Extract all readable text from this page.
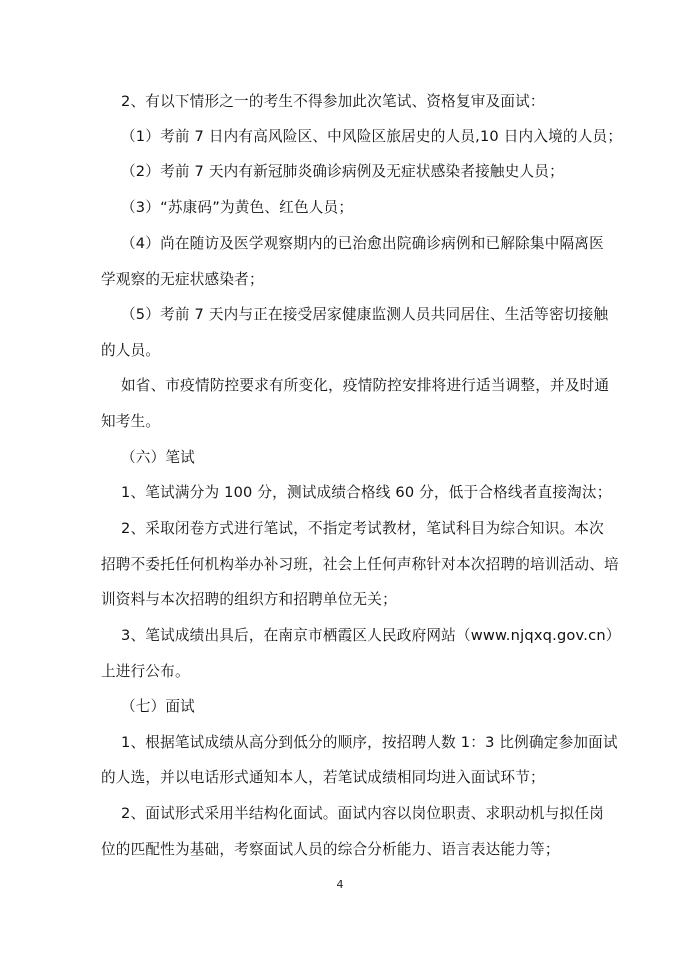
2、有以下情形之一的考生不得参加此次笔试、资格复审及面试：
（1）考前 7 日内有高风险区、中风险区旅居史的人员,10 日内入境的人员；
（2）考前 7 天内有新冠肺炎确诊病例及无症状感染者接触史人员；
（3）“苏康码”为黄色、红色人员；
（4）尚在随访及医学观察期内的已治愈出院确诊病例和已解除集中隔离医
学观察的无症状感染者；
（5）考前 7 天内与正在接受居家健康监测人员共同居住、生活等密切接触
的人员。
如省、市疫情防控要求有所变化，疫情防控安排将进行适当调整，并及时通
知考生。
（六）笔试
1、笔试满分为 100 分，测试成绩合格线 60 分，低于合格线者直接淘汰；
2、采取闭卷方式进行笔试，不指定考试教材，笔试科目为综合知识。本次
招聘不委托任何机构举办补习班，社会上任何声称针对本次招聘的培训活动、培
训资料与本次招聘的组织方和招聘单位无关；
3、笔试成绩出具后，在南京市栖霞区人民政府网站（www.njqxq.gov.cn）
上进行公布。
（七）面试
1、根据笔试成绩从高分到低分的顺序，按招聘人数 1：3 比例确定参加面试
的人选，并以电话形式通知本人，若笔试成绩相同均进入面试环节；
2、面试形式采用半结构化面试。面试内容以岗位职责、求职动机与拟任岗
位的匹配性为基础，考察面试人员的综合分析能力、语言表达能力等；
4
